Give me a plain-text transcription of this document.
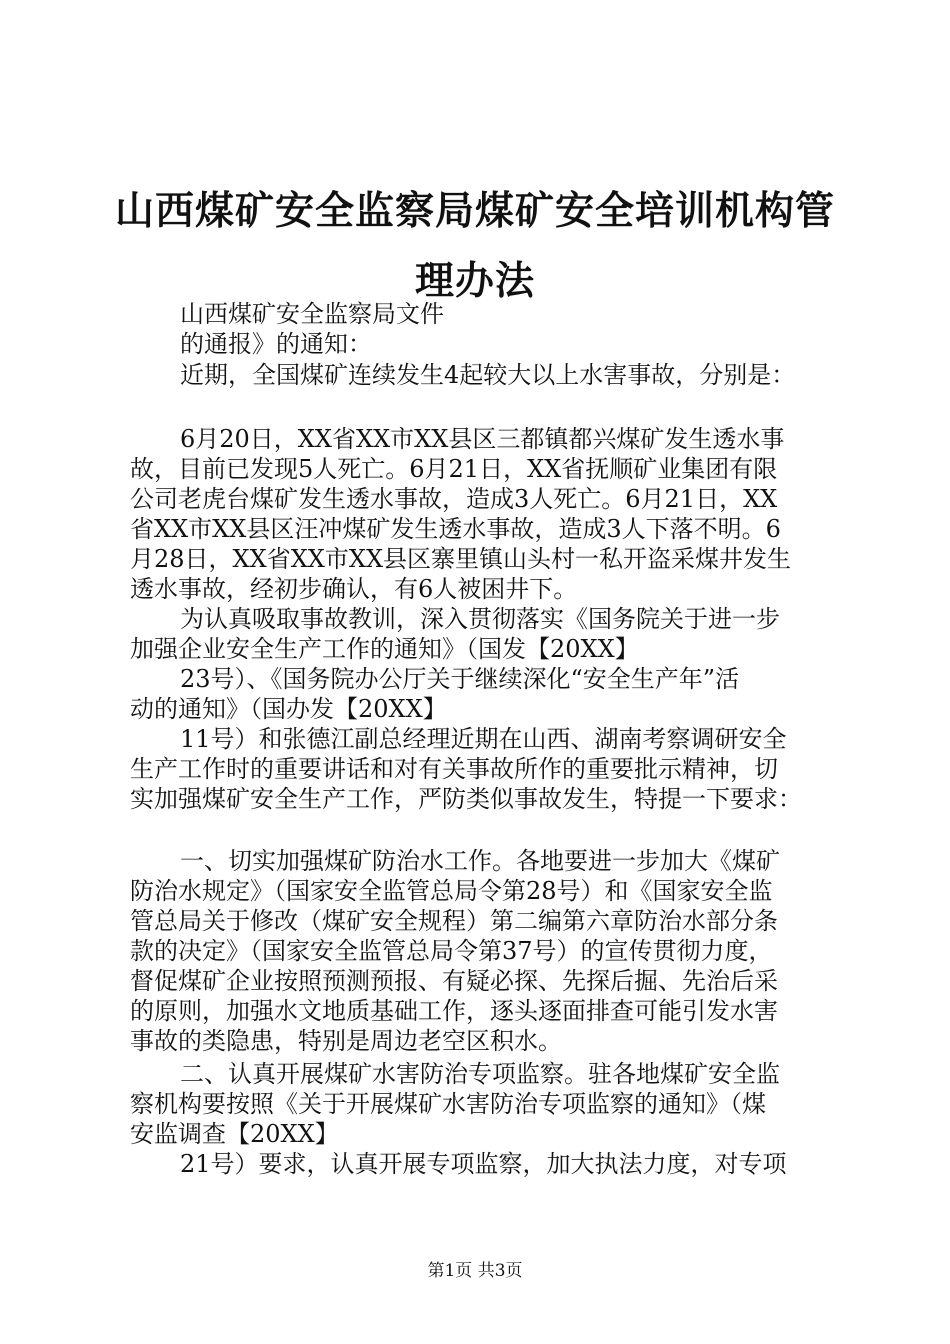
山西煤矿安全监察局煤矿安全培训机构管理办法
山西煤矿安全监察局文件
的通报》的通知：
近期，全国煤矿连续发生4起较大以上水害事故，分别是：
6月20日，XX省XX市XX县区三都镇都兴煤矿发生透水事
故，目前已发现5人死亡。6月21日，XX省抚顺矿业集团有限
公司老虎台煤矿发生透水事故，造成3人死亡。6月21日，XX
省XX市XX县区汪冲煤矿发生透水事故，造成3人下落不明。6
月28日，XX省XX市XX县区寨里镇山头村一私开盗采煤井发生
透水事故，经初步确认，有6人被困井下。
为认真吸取事故教训，深入贯彻落实《国务院关于进一步
加强企业安全生产工作的通知》（国发【20XX】
23号）、《国务院办公厅关于继续深化“安全生产年”活
动的通知》（国办发【20XX】
11号）和张德江副总经理近期在山西、湖南考察调研安全
生产工作时的重要讲话和对有关事故所作的重要批示精神，切
实加强煤矿安全生产工作，严防类似事故发生，特提一下要求：
一、切实加强煤矿防治水工作。各地要进一步加大《煤矿
防治水规定》（国家安全监管总局令第28号）和《国家安全监
管总局关于修改（煤矿安全规程）第二编第六章防治水部分条
款的决定》（国家安全监管总局令第37号）的宣传贯彻力度，
督促煤矿企业按照预测预报、有疑必探、先探后掘、先治后采
的原则，加强水文地质基础工作，逐头逐面排查可能引发水害
事故的类隐患，特别是周边老空区积水。
二、认真开展煤矿水害防治专项监察。驻各地煤矿安全监
察机构要按照《关于开展煤矿水害防治专项监察的通知》（煤
安监调查【20XX】
21号）要求，认真开展专项监察，加大执法力度，对专项
第1页 共3页
